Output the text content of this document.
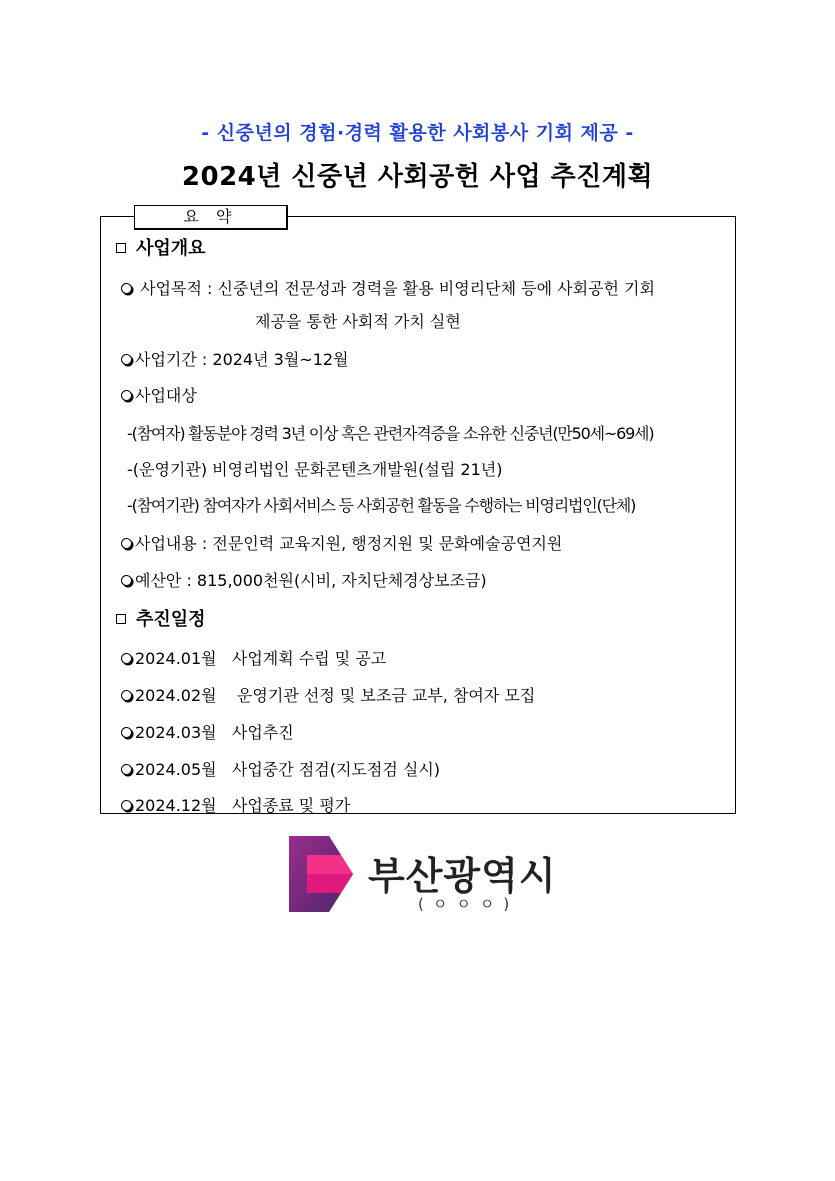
- 신중년의 경험·경력 활용한 사회봉사 기회 제공 -
2024년 신중년 사회공헌 사업 추진계획
요 약
사업개요
사업목적 : 신중년의 전문성과 경력을 활용 비영리단체 등에 사회공헌 기회
제공을 통한 사회적 가치 실현
사업기간 : 2024년 3월~12월
사업대상
-(참여자) 활동분야 경력 3년 이상 혹은 관련자격증을 소유한 신중년(만50세~69세)
-(운영기관) 비영리법인 문화콘텐츠개발원(설립 21년)
-(참여기관) 참여자가 사회서비스 등 사회공헌 활동을 수행하는 비영리법인(단체)
사업내용 : 전문인력 교육지원, 행정지원 및 문화예술공연지원
예산안 : 815,000천원(시비, 자치단체경상보조금)
추진일정
2024.01월 사업계획 수립 및 공고
2024.02월 운영기관 선정 및 보조금 교부, 참여자 모집
2024.03월 사업추진
2024.05월 사업중간 점검(지도점검 실시)
2024.12월 사업종료 및 평가
부산광역시
(ㅇㅇㅇ)
